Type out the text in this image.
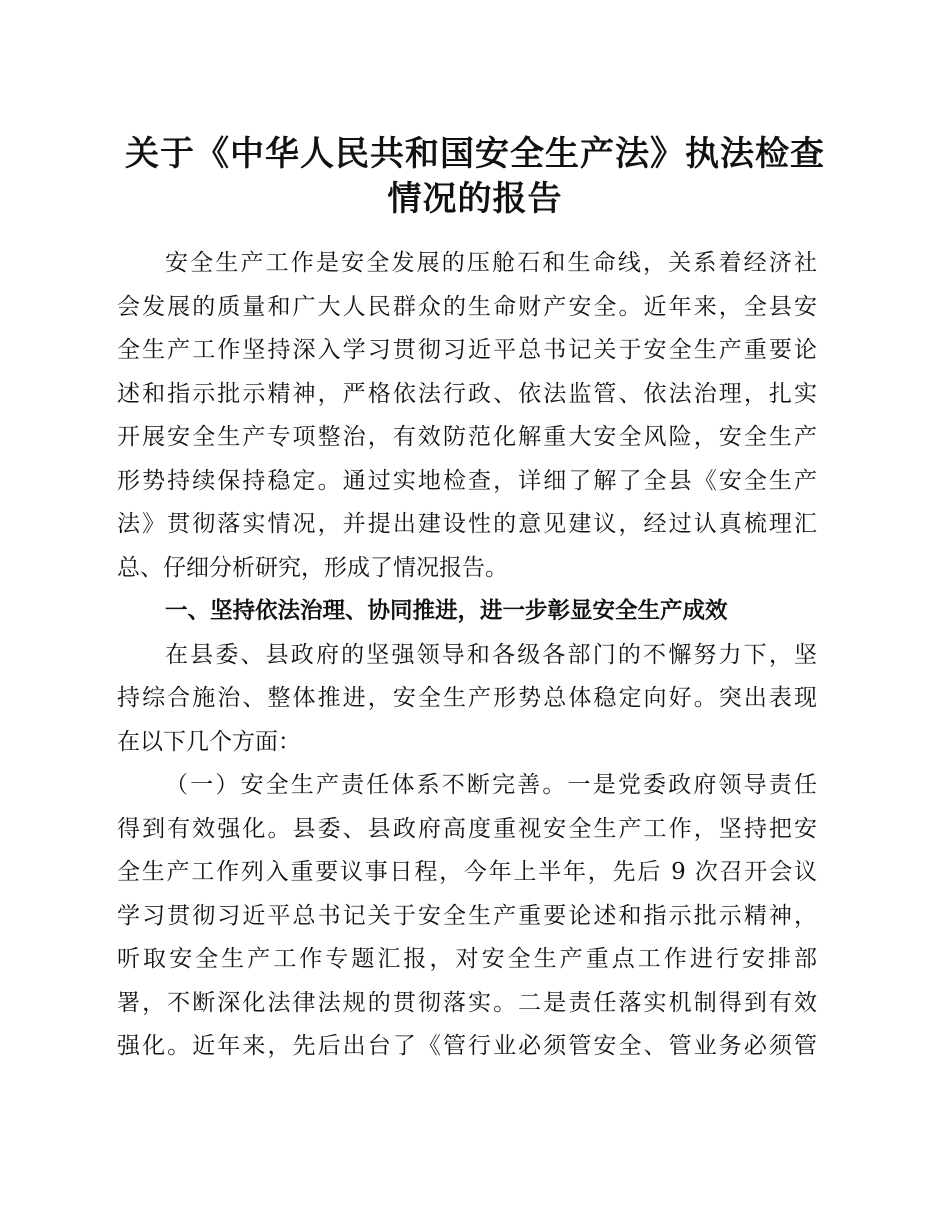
关于《中华人民共和国安全生产法》执法检查
情况的报告
安全生产工作是安全发展的压舱石和生命线，关系着经济社
会发展的质量和广大人民群众的生命财产安全。近年来，全县安
全生产工作坚持深入学习贯彻习近平总书记关于安全生产重要论
述和指示批示精神，严格依法行政、依法监管、依法治理，扎实
开展安全生产专项整治，有效防范化解重大安全风险，安全生产
形势持续保持稳定。通过实地检查，详细了解了全县《安全生产
法》贯彻落实情况，并提出建设性的意见建议，经过认真梳理汇
总、仔细分析研究，形成了情况报告。
一、坚持依法治理、协同推进，进一步彰显安全生产成效
在县委、县政府的坚强领导和各级各部门的不懈努力下，坚
持综合施治、整体推进，安全生产形势总体稳定向好。突出表现
在以下几个方面：
（一）安全生产责任体系不断完善。一是党委政府领导责任
得到有效强化。县委、县政府高度重视安全生产工作，坚持把安
全生产工作列入重要议事日程，今年上半年，先后 9 次召开会议
学习贯彻习近平总书记关于安全生产重要论述和指示批示精神，
听取安全生产工作专题汇报，对安全生产重点工作进行安排部
署，不断深化法律法规的贯彻落实。二是责任落实机制得到有效
强化。近年来，先后出台了《管行业必须管安全、管业务必须管
